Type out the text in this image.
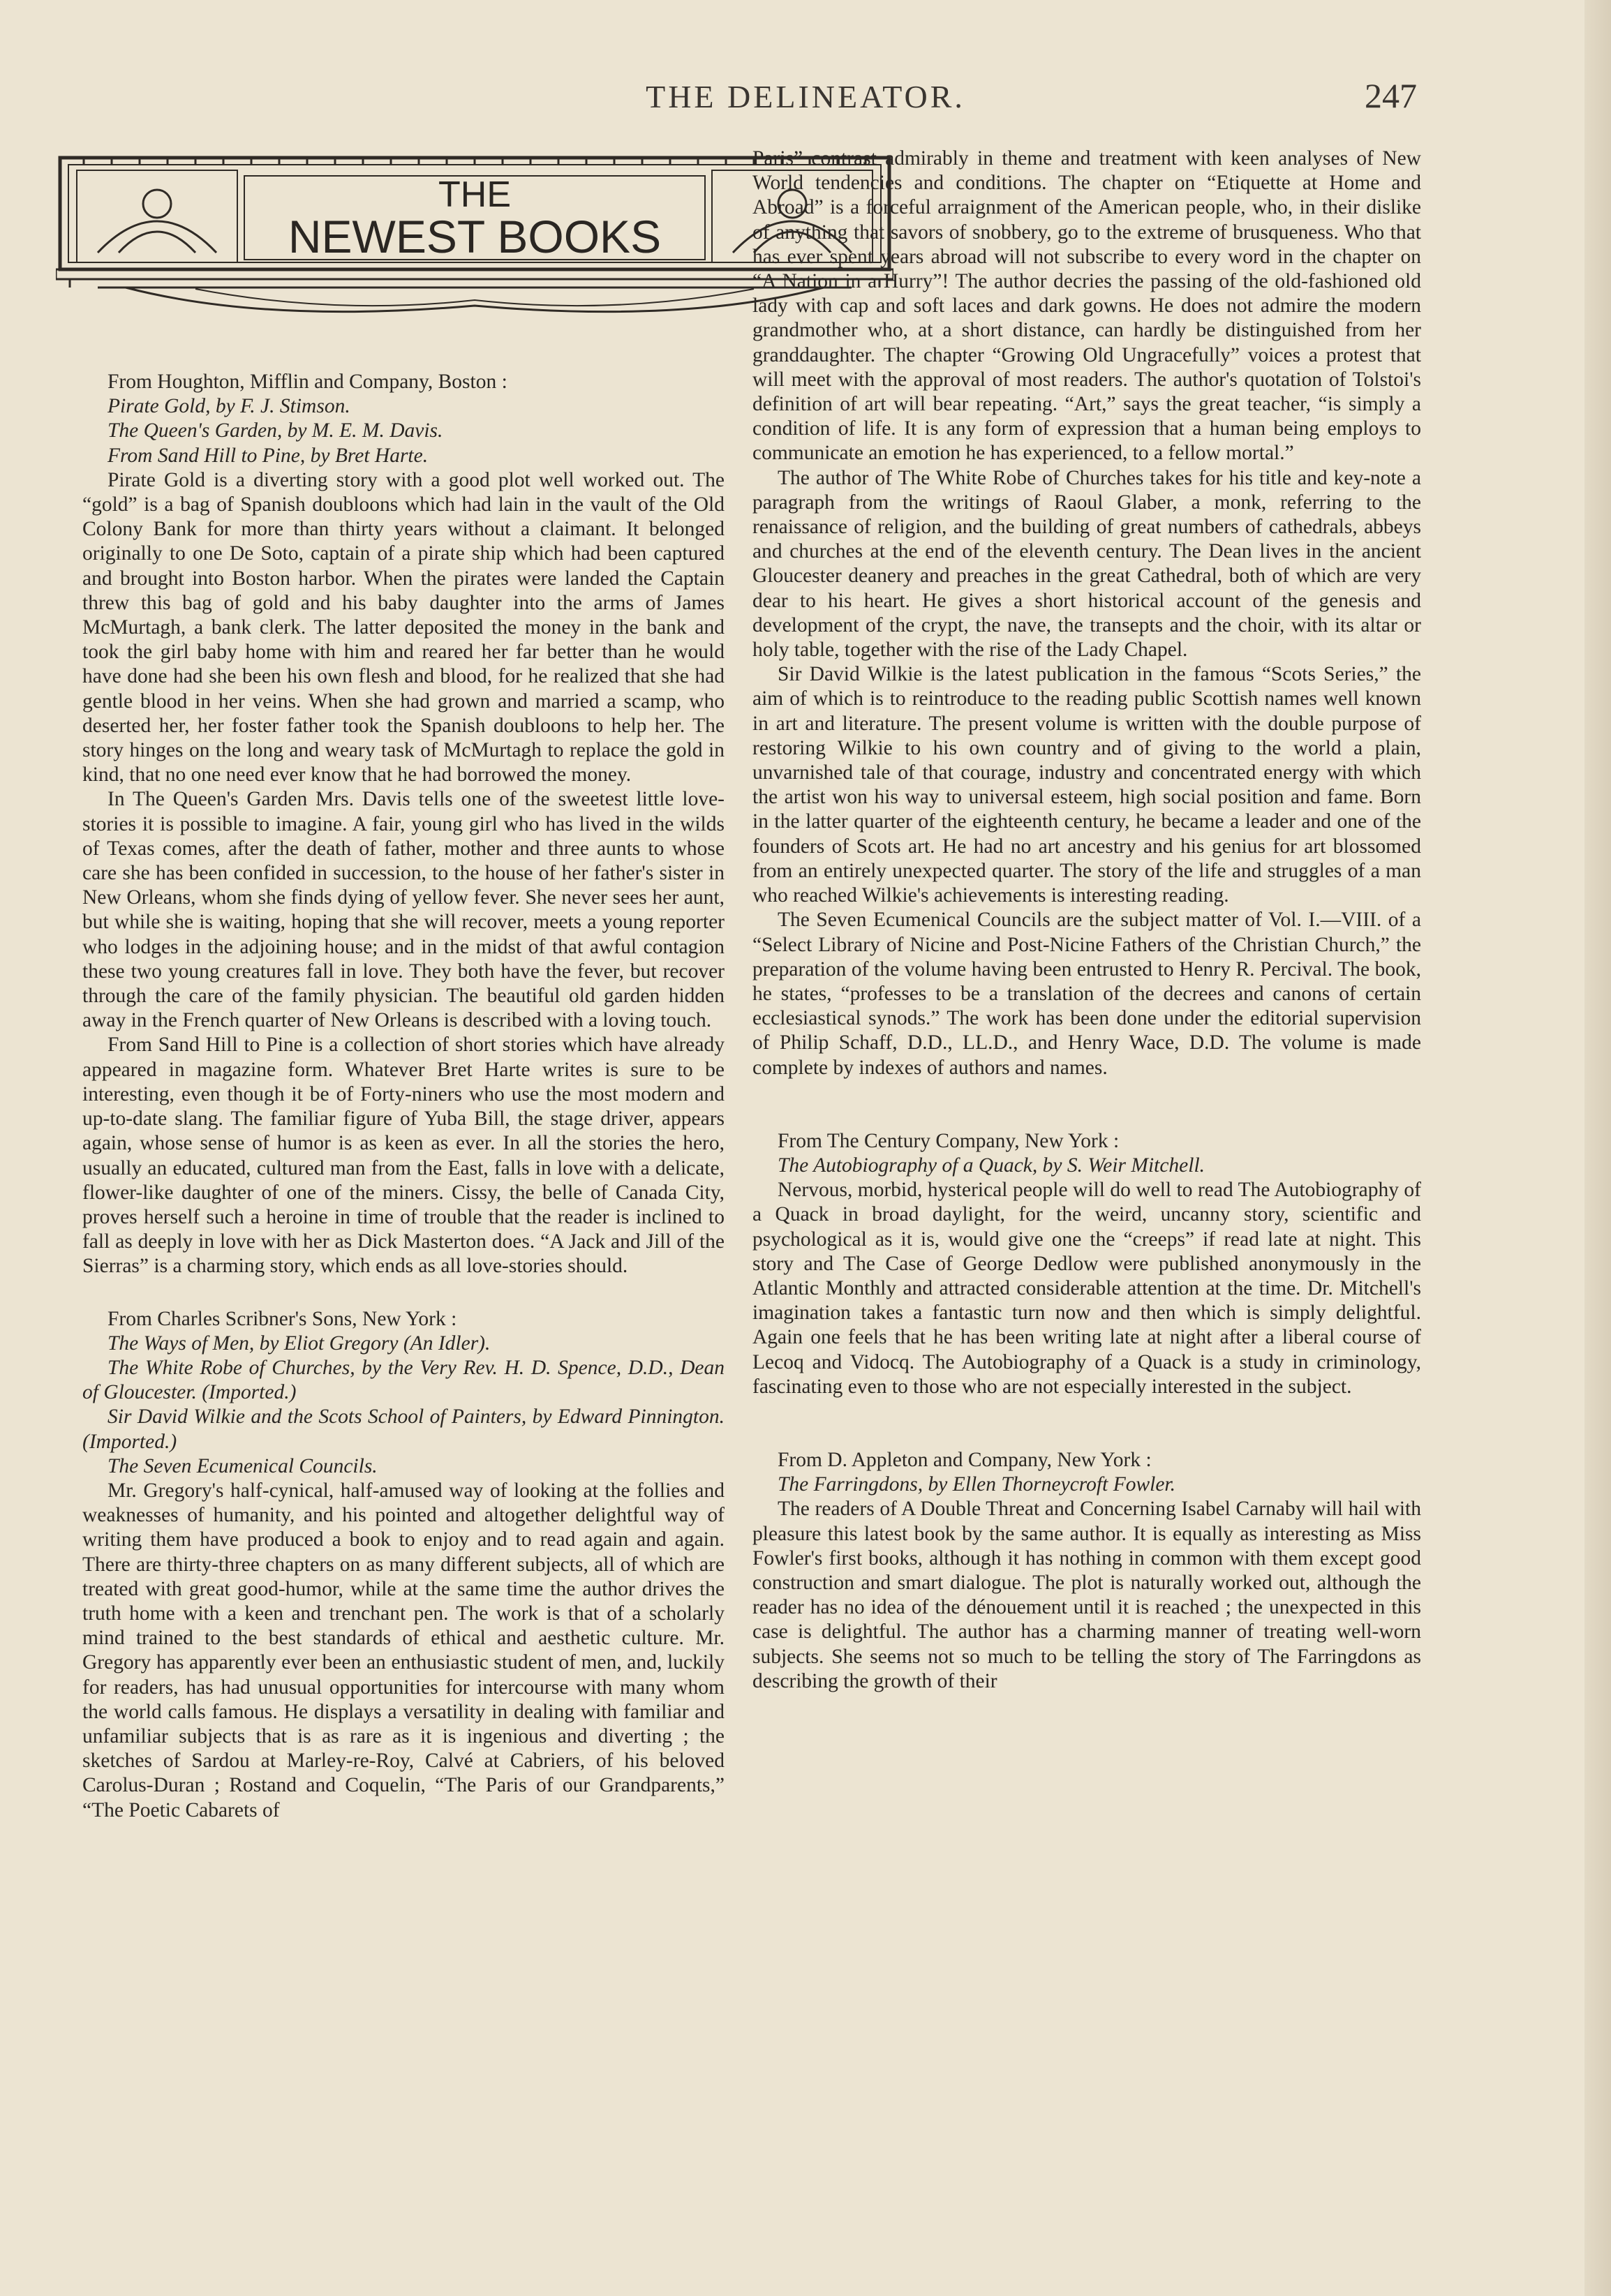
THE DELINEATOR.	247
THE
NEWEST BOOKS

From Houghton, Mifflin and Company, Boston :

Pirate Gold, by F. J. Stimson.

The Queen's Garden, by M. E. M. Davis.

From Sand Hill to Pine, by Bret Harte.

Pirate Gold is a diverting story with a good plot well worked out. The “gold” is a bag of Spanish doubloons which had lain in the vault of the Old Colony Bank for more than thirty years without a claimant. It belonged originally to one De Soto, captain of a pirate ship which had been captured and brought into Boston harbor. When the pirates were landed the Captain threw this bag of gold and his baby daughter into the arms of James McMurtagh, a bank clerk. The latter deposited the money in the bank and took the girl baby home with him and reared her far better than he would have done had she been his own flesh and blood, for he realized that she had gentle blood in her veins. When she had grown and married a scamp, who deserted her, her foster father took the Spanish doubloons to help her. The story hinges on the long and weary task of McMurtagh to replace the gold in kind, that no one need ever know that he had borrowed the money.

In The Queen's Garden Mrs. Davis tells one of the sweetest little love-stories it is possible to imagine. A fair, young girl who has lived in the wilds of Texas comes, after the death of father, mother and three aunts to whose care she has been confided in succession, to the house of her father's sister in New Orleans, whom she finds dying of yellow fever. She never sees her aunt, but while she is waiting, hoping that she will recover, meets a young reporter who lodges in the adjoining house; and in the midst of that awful contagion these two young creatures fall in love. They both have the fever, but recover through the care of the family physician. The beautiful old garden hidden away in the French quarter of New Orleans is described with a loving touch.

From Sand Hill to Pine is a collection of short stories which have already appeared in magazine form. Whatever Bret Harte writes is sure to be interesting, even though it be of Forty-niners who use the most modern and up-to-date slang. The familiar figure of Yuba Bill, the stage driver, appears again, whose sense of humor is as keen as ever. In all the stories the hero, usually an educated, cultured man from the East, falls in love with a delicate, flower-like daughter of one of the miners. Cissy, the belle of Canada City, proves herself such a heroine in time of trouble that the reader is inclined to fall as deeply in love with her as Dick Masterton does. “A Jack and Jill of the Sierras” is a charming story, which ends as all love-stories should.

From Charles Scribner's Sons, New York :

The Ways of Men, by Eliot Gregory (An Idler).

The White Robe of Churches, by the Very Rev. H. D. Spence, D.D., Dean of Gloucester. (Imported.)

Sir David Wilkie and the Scots School of Painters, by Edward Pinnington. (Imported.)

The Seven Ecumenical Councils.

Mr. Gregory's half-cynical, half-amused way of looking at the follies and weaknesses of humanity, and his pointed and altogether delightful way of writing them have produced a book to enjoy and to read again and again. There are thirty-three chapters on as many different subjects, all of which are treated with great good-humor, while at the same time the author drives the truth home with a keen and trenchant pen. The work is that of a scholarly mind trained to the best standards of ethical and aesthetic culture. Mr. Gregory has apparently ever been an enthusiastic student of men, and, luckily for readers, has had unusual opportunities for intercourse with many whom the world calls famous. He displays a versatility in dealing with familiar and unfamiliar subjects that is as rare as it is ingenious and diverting ; the sketches of Sardou at Marley-re-Roy, Calvé at Cabriers, of his beloved Carolus-Duran ; Rostand and Coquelin, “The Paris of our Grandparents,” “The Poetic Cabarets of

Paris” contrast admirably in theme and treatment with keen analyses of New World tendencies and conditions. The chapter on “Etiquette at Home and Abroad” is a forceful arraignment of the American people, who, in their dislike of anything that savors of snobbery, go to the extreme of brusqueness. Who that has ever spent years abroad will not subscribe to every word in the chapter on “A Nation in a Hurry”! The author decries the passing of the old-fashioned old lady with cap and soft laces and dark gowns. He does not admire the modern grandmother who, at a short distance, can hardly be distinguished from her granddaughter. The chapter “Growing Old Ungracefully” voices a protest that will meet with the approval of most readers. The author's quotation of Tolstoi's definition of art will bear repeating. “Art,” says the great teacher, “is simply a condition of life. It is any form of expression that a human being employs to communicate an emotion he has experienced, to a fellow mortal.”

The author of The White Robe of Churches takes for his title and key-note a paragraph from the writings of Raoul Glaber, a monk, referring to the renaissance of religion, and the building of great numbers of cathedrals, abbeys and churches at the end of the eleventh century. The Dean lives in the ancient Gloucester deanery and preaches in the great Cathedral, both of which are very dear to his heart. He gives a short historical account of the genesis and development of the crypt, the nave, the transepts and the choir, with its altar or holy table, together with the rise of the Lady Chapel.

Sir David Wilkie is the latest publication in the famous “Scots Series,” the aim of which is to reintroduce to the reading public Scottish names well known in art and literature. The present volume is written with the double purpose of restoring Wilkie to his own country and of giving to the world a plain, unvarnished tale of that courage, industry and concentrated energy with which the artist won his way to universal esteem, high social position and fame. Born in the latter quarter of the eighteenth century, he became a leader and one of the founders of Scots art. He had no art ancestry and his genius for art blossomed from an entirely unexpected quarter. The story of the life and struggles of a man who reached Wilkie's achievements is interesting reading.

The Seven Ecumenical Councils are the subject matter of Vol. I.—VIII. of a “Select Library of Nicine and Post-Nicine Fathers of the Christian Church,” the preparation of the volume having been entrusted to Henry R. Percival. The book, he states, “professes to be a translation of the decrees and canons of certain ecclesiastical synods.” The work has been done under the editorial supervision of Philip Schaff, D.D., LL.D., and Henry Wace, D.D. The volume is made complete by indexes of authors and names.

From The Century Company, New York :

The Autobiography of a Quack, by S. Weir Mitchell.

Nervous, morbid, hysterical people will do well to read The Autobiography of a Quack in broad daylight, for the weird, uncanny story, scientific and psychological as it is, would give one the “creeps” if read late at night. This story and The Case of George Dedlow were published anonymously in the Atlantic Monthly and attracted considerable attention at the time. Dr. Mitchell's imagination takes a fantastic turn now and then which is simply delightful. Again one feels that he has been writing late at night after a liberal course of Lecoq and Vidocq. The Autobiography of a Quack is a study in criminology, fascinating even to those who are not especially interested in the subject.

From D. Appleton and Company, New York :

The Farringdons, by Ellen Thorneycroft Fowler.

The readers of A Double Threat and Concerning Isabel Carnaby will hail with pleasure this latest book by the same author. It is equally as interesting as Miss Fowler's first books, although it has nothing in common with them except good construction and smart dialogue. The plot is naturally worked out, although the reader has no idea of the dénouement until it is reached ; the unexpected in this case is delightful. The author has a charming manner of treating well-worn subjects. She seems not so much to be telling the story of The Farringdons as describing the growth of their
